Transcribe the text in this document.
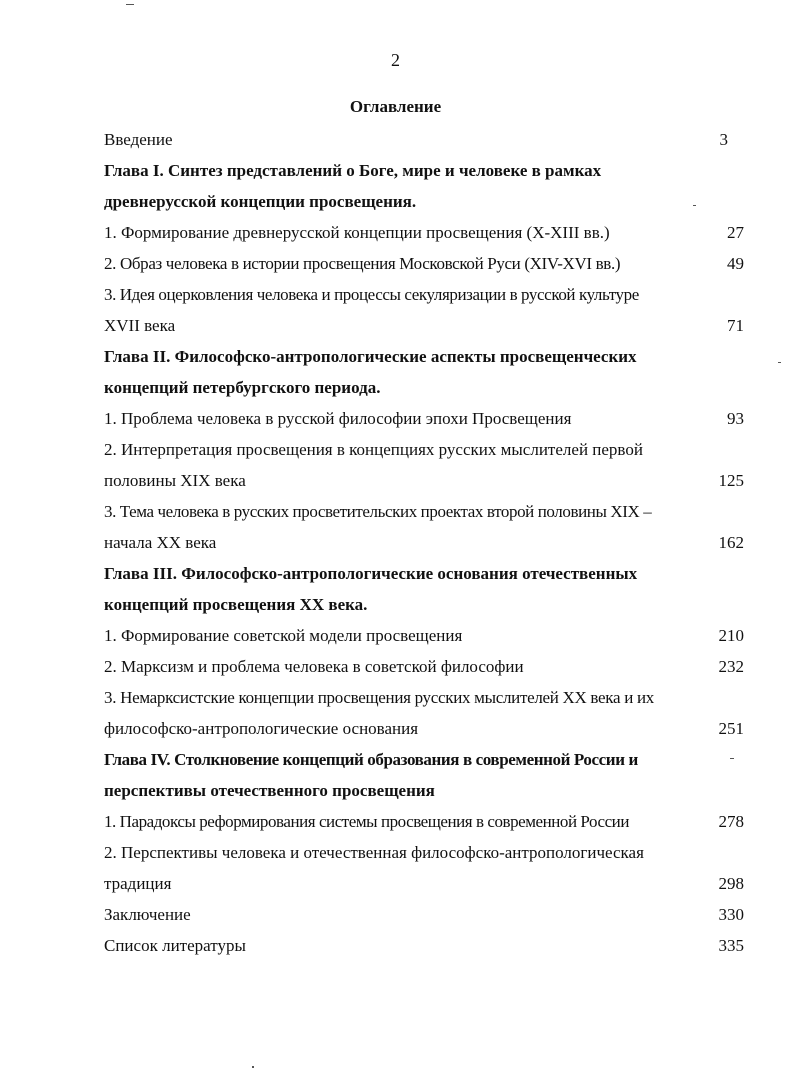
2
Оглавление
Введение	3
Глава I. Синтез представлений о Боге, мире и человеке в рамках
древнерусской концепции просвещения.
1. Формирование древнерусской концепции просвещения (X-XIII вв.)	27
2. Образ человека в истории просвещения Московской Руси (XIV-XVI вв.)	49
3. Идея оцерковления человека и процессы секуляризации в русской культуре
XVII века	71
Глава II. Философско-антропологические аспекты просвещенческих
концепций петербургского периода.
1. Проблема человека в русской философии эпохи Просвещения	93
2. Интерпретация просвещения в концепциях русских мыслителей первой
половины XIX века	125
3. Тема человека в русских просветительских проектах второй половины XIX –
начала XX века	162
Глава III. Философско-антропологические основания отечественных
концепций просвещения XX века.
1. Формирование советской модели просвещения	210
2. Марксизм и проблема человека в советской философии	232
3. Немарксистские концепции просвещения русских мыслителей XX века и их
философско-антропологические основания	251
Глава IV. Столкновение концепций образования в современной России и
перспективы отечественного просвещения
1. Парадоксы реформирования системы просвещения в современной России	278
2. Перспективы человека и отечественная философско-антропологическая
традиция	298
Заключение	330
Список литературы	335
